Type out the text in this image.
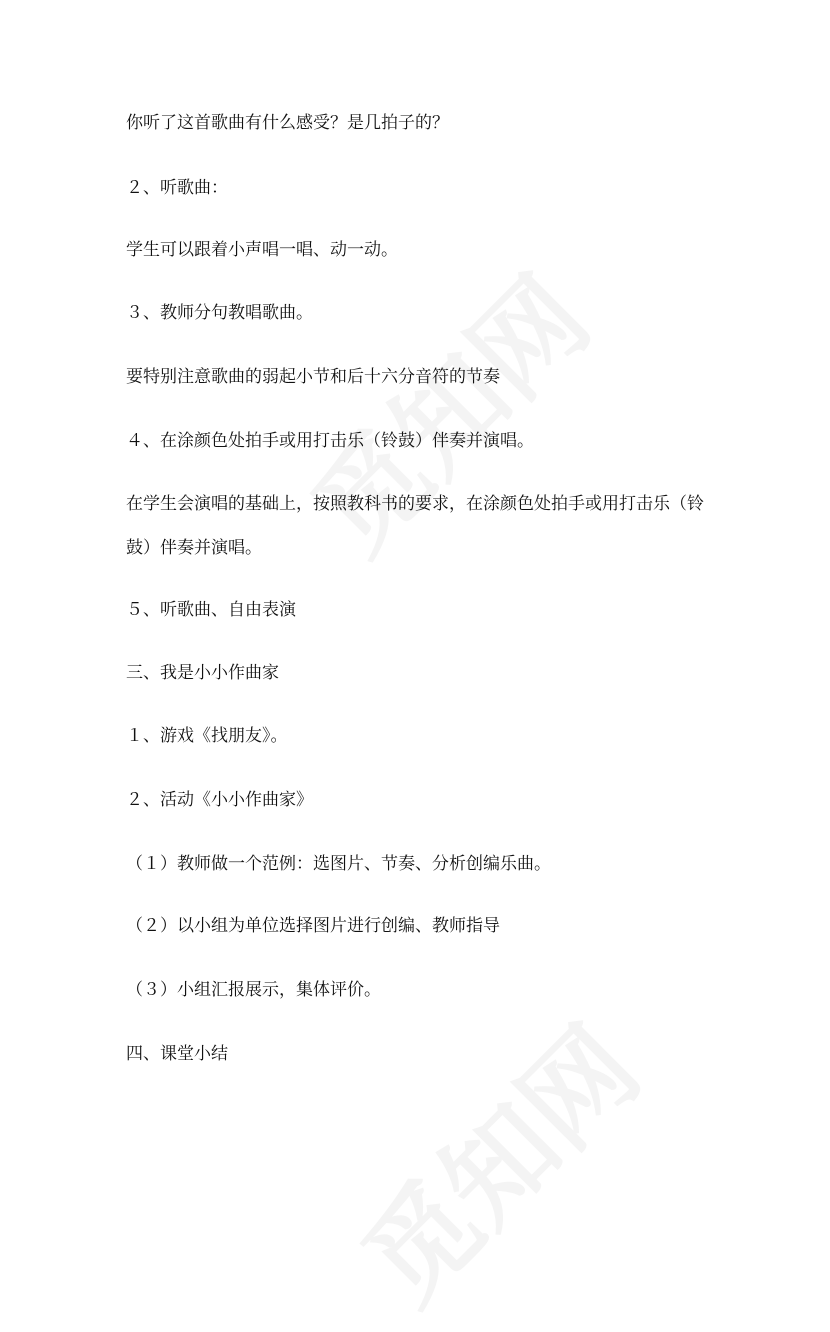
你听了这首歌曲有什么感受？是几拍子的？
２、听歌曲：
学生可以跟着小声唱一唱、动一动。
３、教师分句教唱歌曲。
要特别注意歌曲的弱起小节和后十六分音符的节奏
４、在涂颜色处拍手或用打击乐（铃鼓）伴奏并演唱。
在学生会演唱的基础上，按照教科书的要求，在涂颜色处拍手或用打击乐（铃
鼓）伴奏并演唱。
５、听歌曲、自由表演
三、我是小小作曲家
１、游戏《找朋友》。
２、活动《小小作曲家》
（１）教师做一个范例：选图片、节奏、分析创编乐曲。
（２）以小组为单位选择图片进行创编、教师指导
（３）小组汇报展示，集体评价。
四、课堂小结
